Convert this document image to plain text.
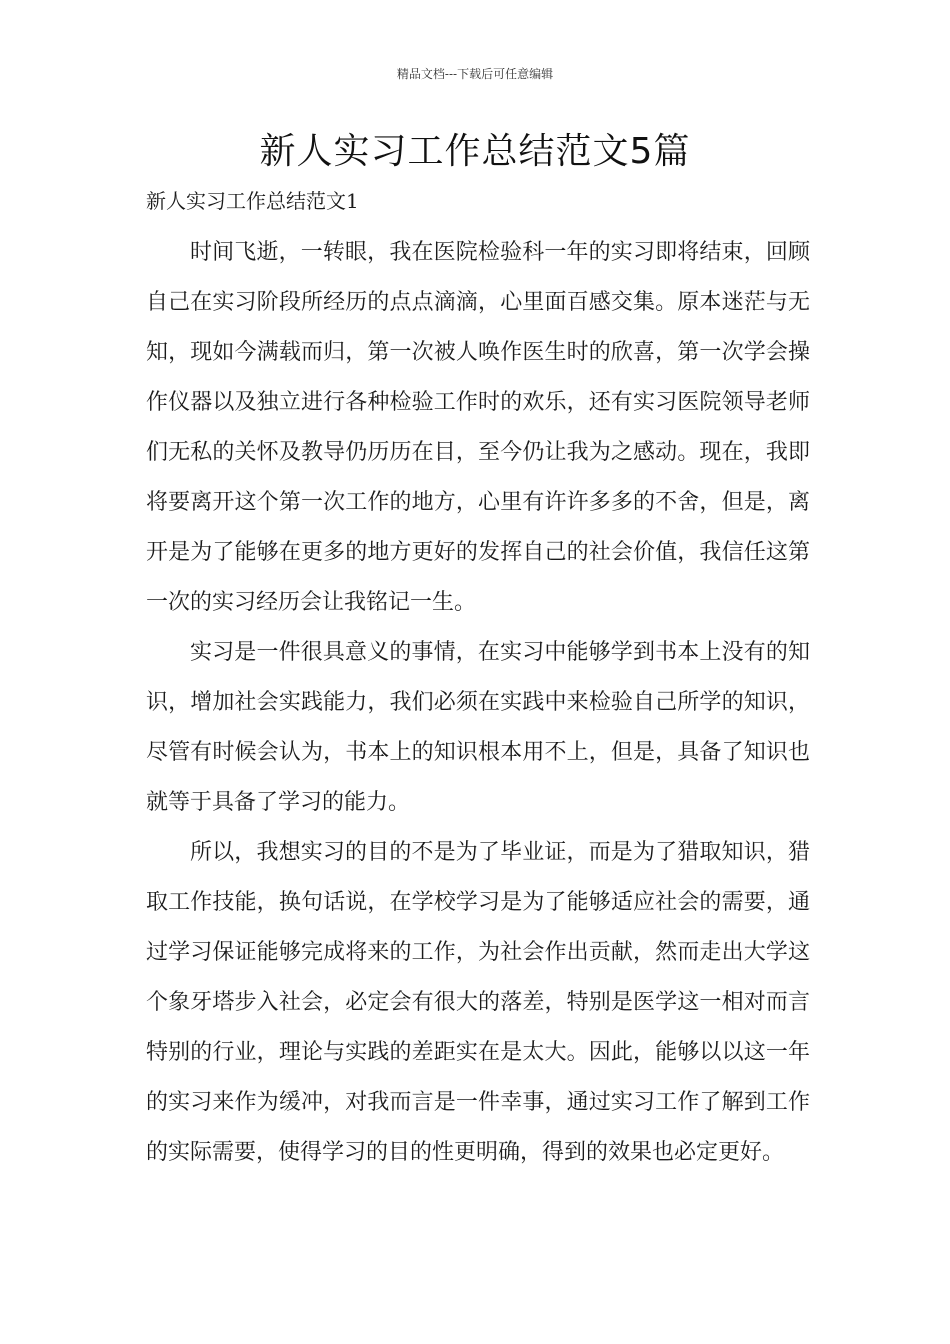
精品文档---下载后可任意编辑
新人实习工作总结范文5篇
新人实习工作总结范文1

时间飞逝，一转眼，我在医院检验科一年的实习即将结束，回顾自己在实习阶段所经历的点点滴滴，心里面百感交集。原本迷茫与无知，现如今满载而归，第一次被人唤作医生时的欣喜，第一次学会操作仪器以及独立进行各种检验工作时的欢乐，还有实习医院领导老师们无私的关怀及教导仍历历在目，至今仍让我为之感动。现在，我即将要离开这个第一次工作的地方，心里有许许多多的不舍，但是，离开是为了能够在更多的地方更好的发挥自己的社会价值，我信任这第一次的实习经历会让我铭记一生。

实习是一件很具意义的事情，在实习中能够学到书本上没有的知识，增加社会实践能力，我们必须在实践中来检验自己所学的知识，尽管有时候会认为，书本上的知识根本用不上，但是，具备了知识也就等于具备了学习的能力。

所以，我想实习的目的不是为了毕业证，而是为了猎取知识，猎取工作技能，换句话说，在学校学习是为了能够适应社会的需要，通过学习保证能够完成将来的工作，为社会作出贡献，然而走出大学这个象牙塔步入社会，必定会有很大的落差，特别是医学这一相对而言特别的行业，理论与实践的差距实在是太大。因此，能够以以这一年的实习来作为缓冲，对我而言是一件幸事，通过实习工作了解到工作的实际需要，使得学习的目的性更明确，得到的效果也必定更好。
